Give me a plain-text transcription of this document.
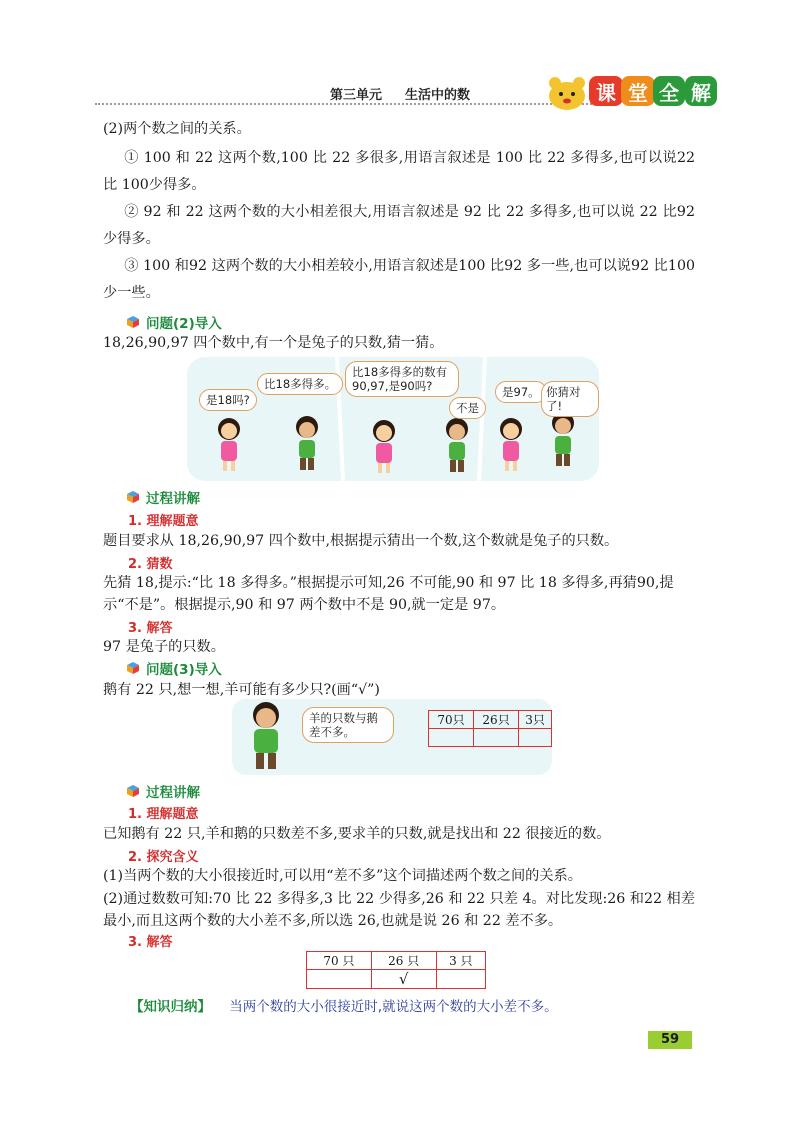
第三单元 生活中的数	课 堂 全 解
(2)两个数之间的关系。
① 100 和 22 这两个数,100 比 22 多很多,用语言叙述是 100 比 22 多得多,也可以说22 比 100少得多。
② 92 和 22 这两个数的大小相差很大,用语言叙述是 92 比 22 多得多,也可以说 22 比92 少得多。
③ 100 和92 这两个数的大小相差较小,用语言叙述是100 比92 多一些,也可以说92 比100 少一些。
问题(2)导入
18,26,90,97 四个数中,有一个是兔子的只数,猜一猜。
是18吗?
比18多得多。
比18多得多的数有90,97,是90吗?
不是
是97。 你猜对了!
过程讲解
1. 理解题意
题目要求从 18,26,90,97 四个数中,根据提示猜出一个数,这个数就是兔子的只数。
2. 猜数
先猜 18,提示:“比 18 多得多。”根据提示可知,26 不可能,90 和 97 比 18 多得多,再猜90,提示“不是”。根据提示,90 和 97 两个数中不是 90,就一定是 97。
3. 解答
97 是兔子的只数。
问题(3)导入
鹅有 22 只,想一想,羊可能有多少只?(画“√”)
羊的只数与鹅差不多。
70只	26只	3只

过程讲解
1. 理解题意
已知鹅有 22 只,羊和鹅的只数差不多,要求羊的只数,就是找出和 22 很接近的数。
2. 探究含义
(1)当两个数的大小很接近时,可以用“差不多”这个词描述两个数之间的关系。
(2)通过数数可知:70 比 22 多得多,3 比 22 少得多,26 和 22 只差 4。对比发现:26 和22 相差最小,而且这两个数的大小差不多,所以选 26,也就是说 26 和 22 差不多。
3. 解答
70 只	26 只	3 只
	√	
【知识归纳】 当两个数的大小很接近时,就说这两个数的大小差不多。
59
